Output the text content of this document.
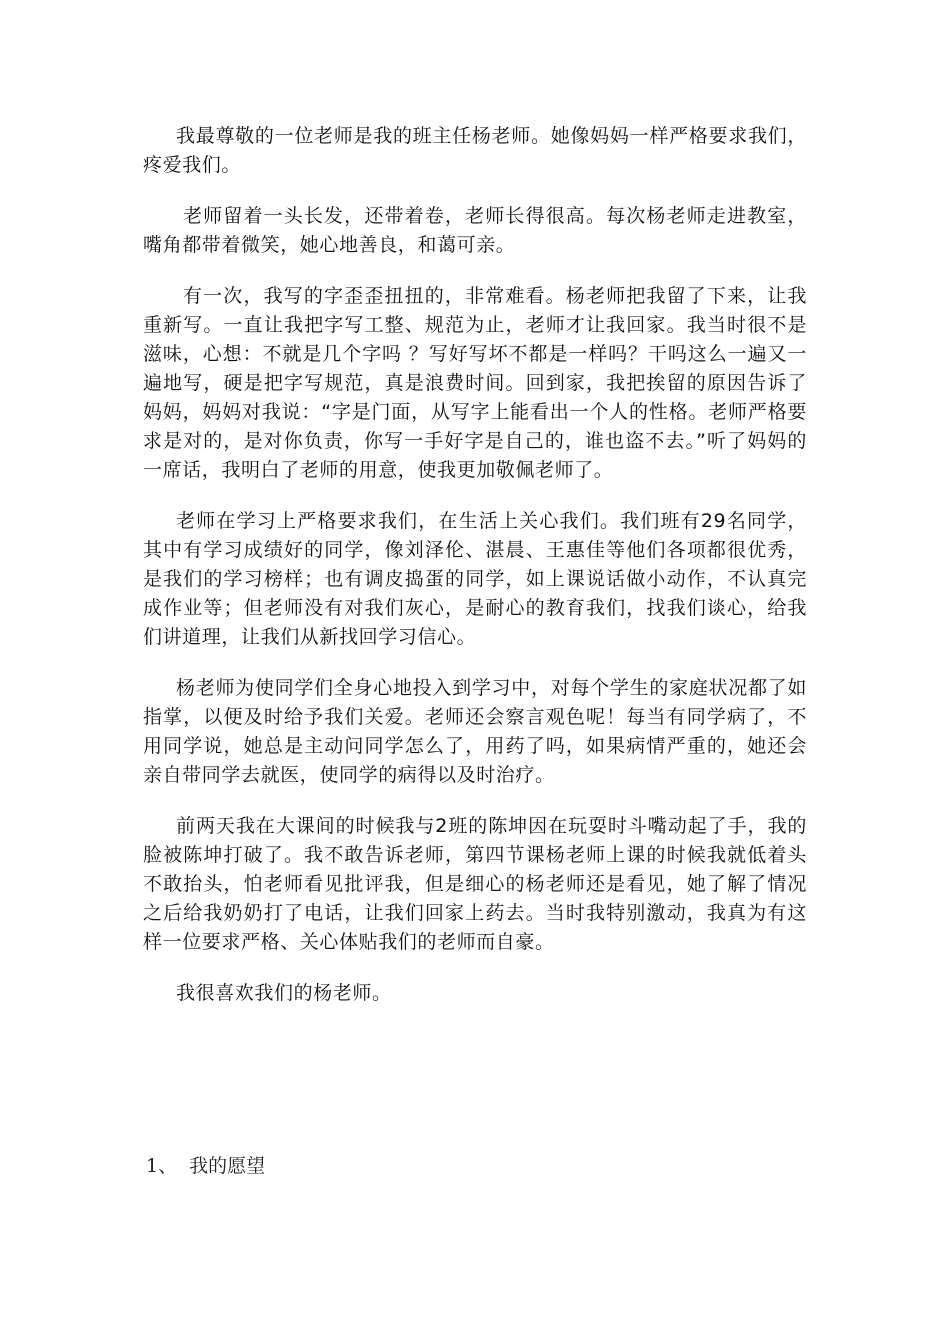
我最尊敬的一位老师是我的班主任杨老师。她像妈妈一样严格要求我们，疼爱我们。

老师留着一头长发，还带着卷，老师长得很高。每次杨老师走进教室，嘴角都带着微笑，她心地善良，和蔼可亲。

有一次，我写的字歪歪扭扭的，非常难看。杨老师把我留了下来，让我重新写。一直让我把字写工整、规范为止，老师才让我回家。我当时很不是滋味，心想：不就是几个字吗 ？写好写坏不都是一样吗？干吗这么一遍又一遍地写，硬是把字写规范，真是浪费时间。回到家，我把挨留的原因告诉了妈妈，妈妈对我说：“字是门面，从写字上能看出一个人的性格。老师严格要求是对的，是对你负责，你写一手好字是自己的，谁也盗不去。”听了妈妈的一席话，我明白了老师的用意，使我更加敬佩老师了。

老师在学习上严格要求我们，在生活上关心我们。我们班有29名同学，其中有学习成绩好的同学，像刘泽伦、湛晨、王惠佳等他们各项都很优秀，是我们的学习榜样；也有调皮捣蛋的同学，如上课说话做小动作，不认真完成作业等；但老师没有对我们灰心，是耐心的教育我们，找我们谈心，给我们讲道理，让我们从新找回学习信心。

杨老师为使同学们全身心地投入到学习中，对每个学生的家庭状况都了如指掌，以便及时给予我们关爱。老师还会察言观色呢！每当有同学病了，不用同学说，她总是主动问同学怎么了，用药了吗，如果病情严重的，她还会亲自带同学去就医，使同学的病得以及时治疗。

前两天我在大课间的时候我与2班的陈坤因在玩耍时斗嘴动起了手，我的脸被陈坤打破了。我不敢告诉老师，第四节课杨老师上课的时候我就低着头不敢抬头，怕老师看见批评我，但是细心的杨老师还是看见，她了解了情况之后给我奶奶打了电话，让我们回家上药去。当时我特别激动，我真为有这样一位要求严格、关心体贴我们的老师而自豪。

我很喜欢我们的杨老师。

1、 我的愿望
